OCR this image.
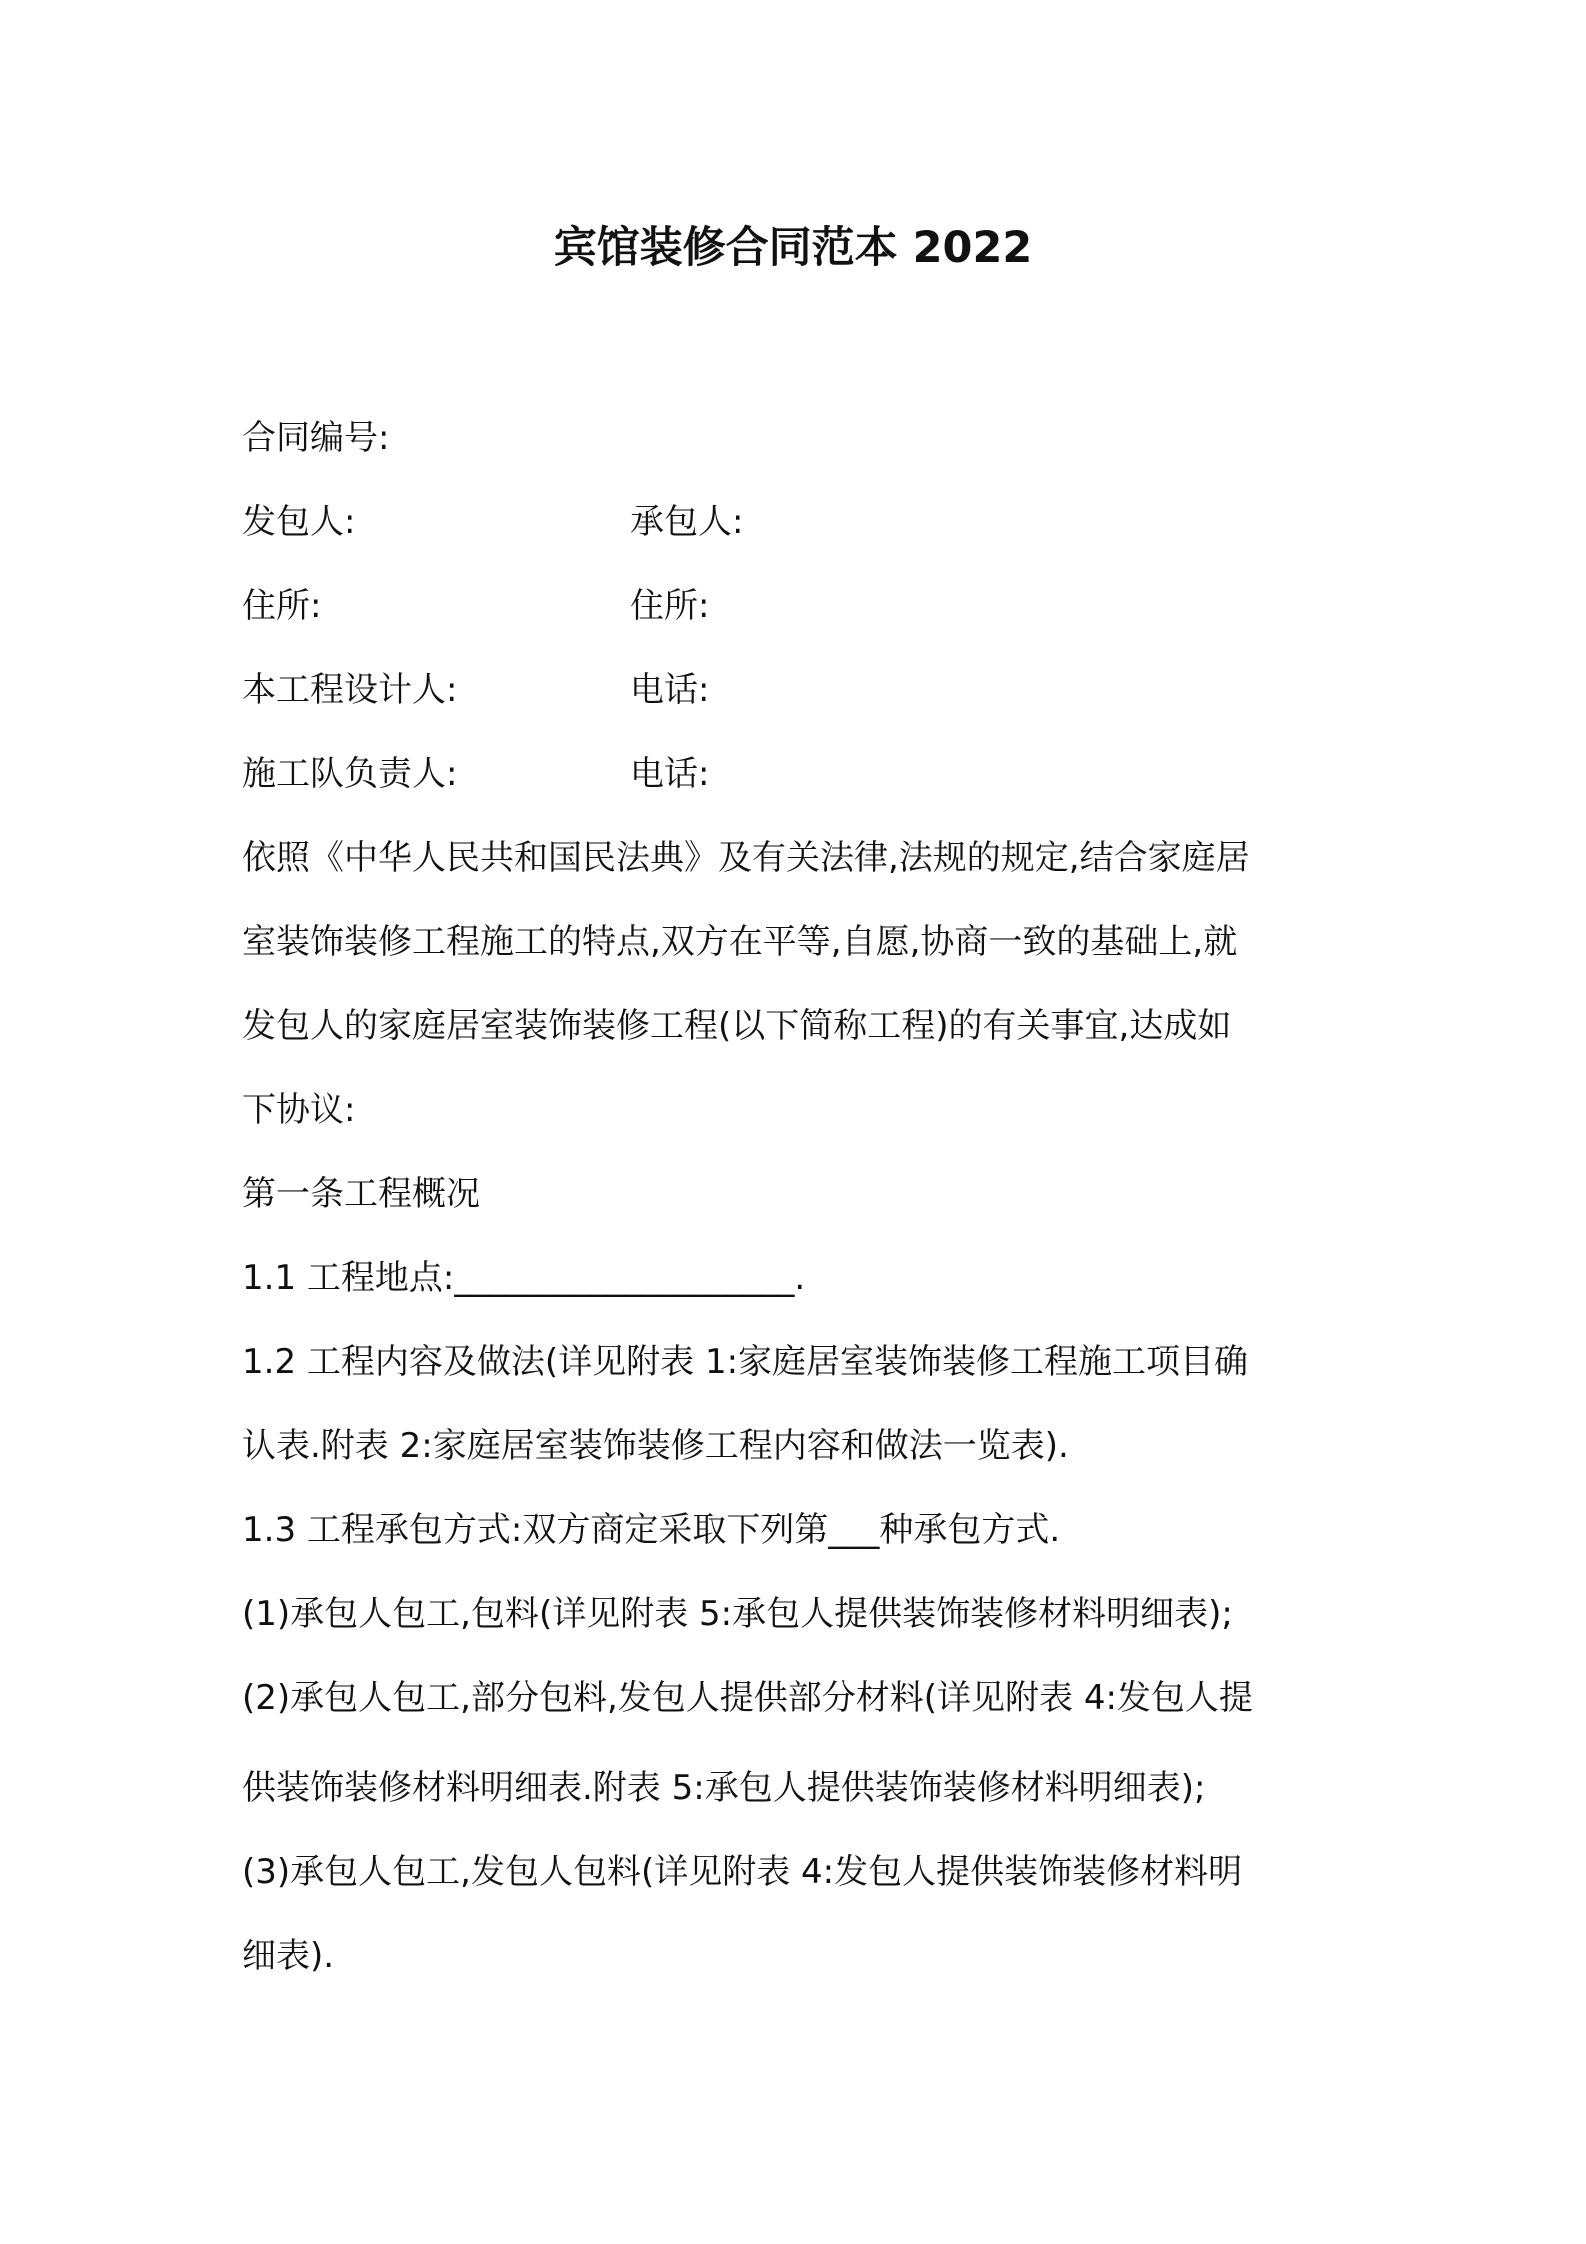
宾馆装修合同范本 2022
合同编号:
发包人:	承包人:
住所:	住所:
本工程设计人:	电话:
施工队负责人:	电话:
依照《中华人民共和国民法典》及有关法律,法规的规定,结合家庭居
室装饰装修工程施工的特点,双方在平等,自愿,协商一致的基础上,就
发包人的家庭居室装饰装修工程(以下简称工程)的有关事宜,达成如
下协议:
第一条工程概况
1.1 工程地点:____________________.
1.2 工程内容及做法(详见附表 1:家庭居室装饰装修工程施工项目确
认表.附表 2:家庭居室装饰装修工程内容和做法一览表).
1.3 工程承包方式:双方商定采取下列第___种承包方式.
(1)承包人包工,包料(详见附表 5:承包人提供装饰装修材料明细表);
(2)承包人包工,部分包料,发包人提供部分材料(详见附表 4:发包人提
供装饰装修材料明细表.附表 5:承包人提供装饰装修材料明细表);
(3)承包人包工,发包人包料(详见附表 4:发包人提供装饰装修材料明
细表).
